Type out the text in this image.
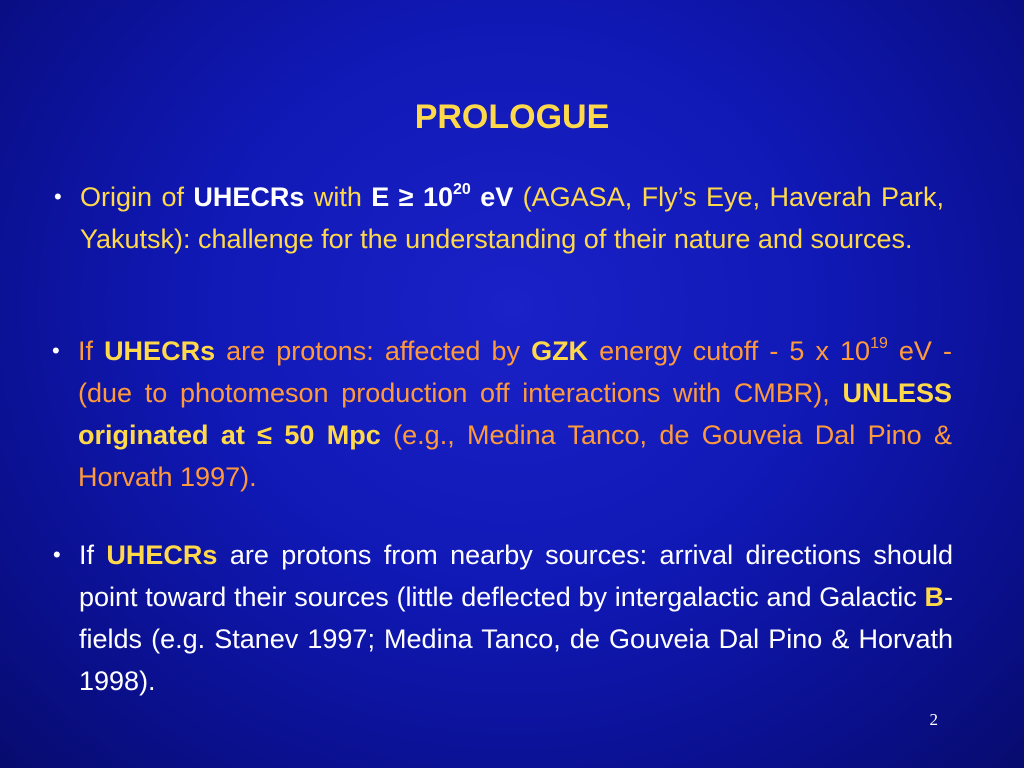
PROLOGUE
• Origin of UHECRs with $E \ge 10^{20}$ eV (AGASA, Fly’s Eye, Haverah Park, Yakutsk): challenge for the understanding of their nature and sources.
• If UHECRs are protons: affected by GZK energy cutoff - 5 x $10^{19}$ eV - (due to photomeson production off interactions with CMBR), UNLESS originated at ≤ 50 Mpc (e.g., Medina Tanco, de Gouveia Dal Pino & Horvath 1997).
• If UHECRs are protons from nearby sources: arrival directions should point toward their sources (little deflected by intergalactic and Galactic B-fields (e.g. Stanev 1997; Medina Tanco, de Gouveia Dal Pino & Horvath 1998).
2
